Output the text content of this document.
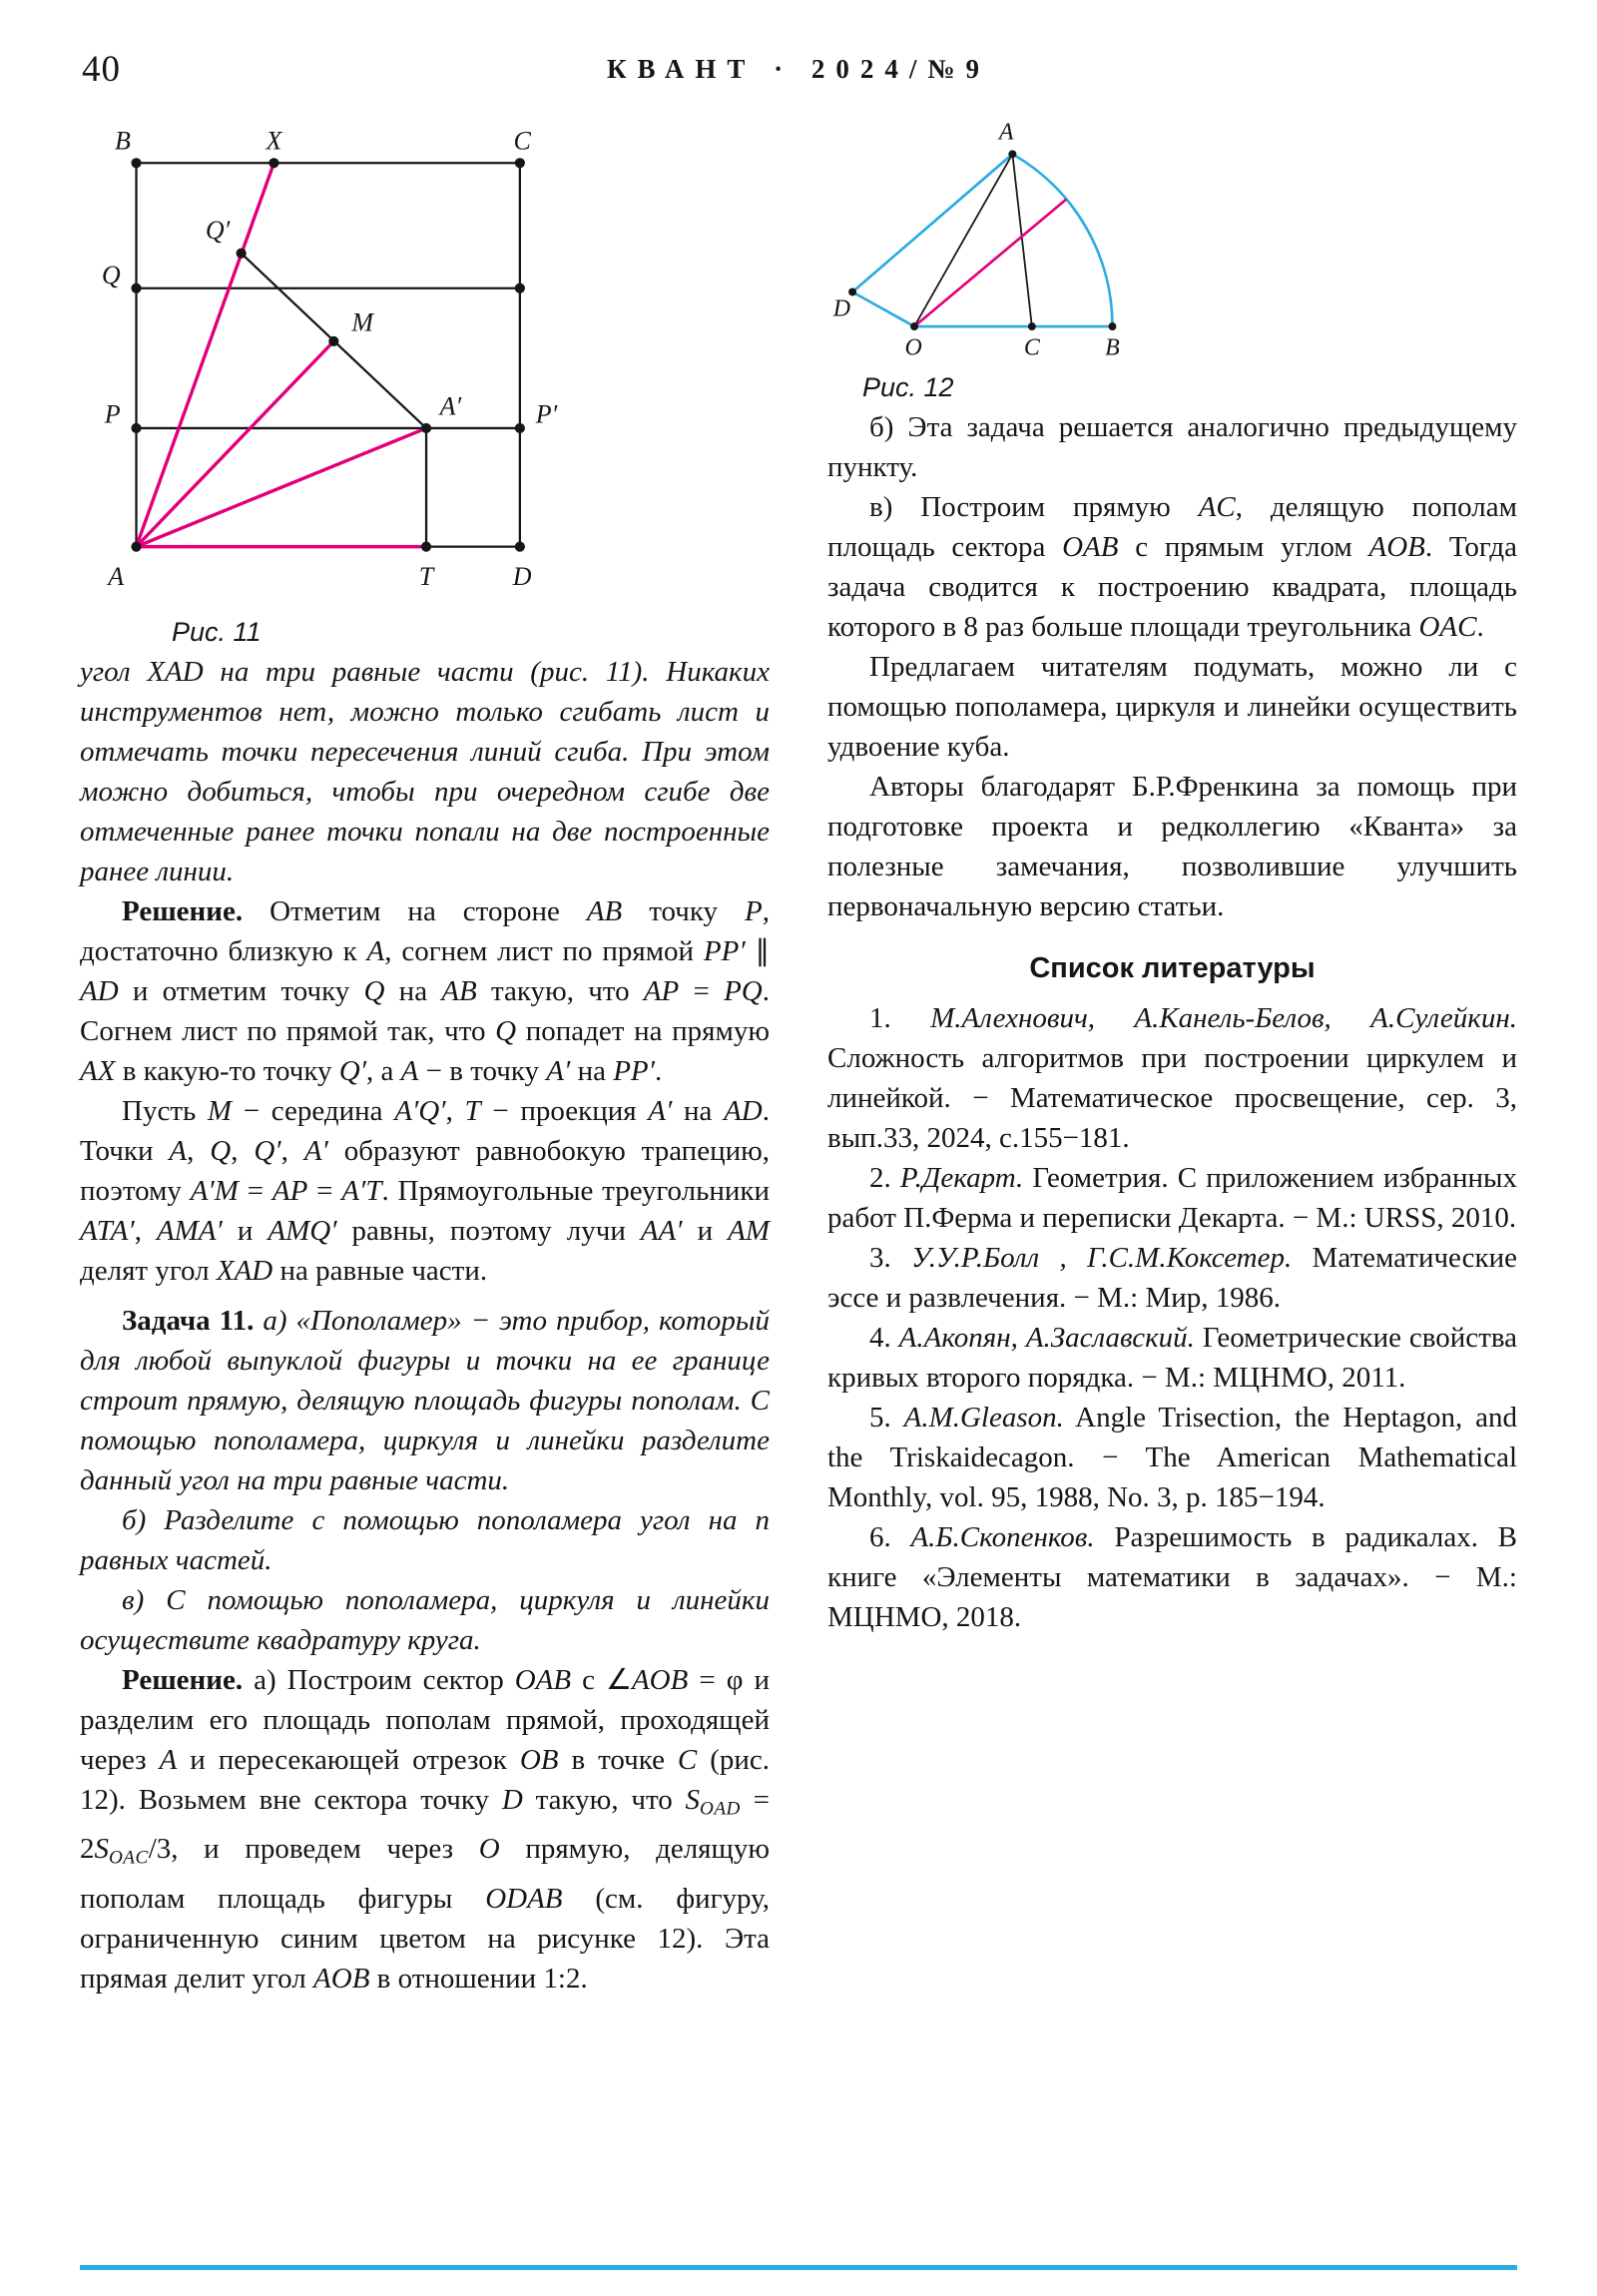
40	КВАНТ · 2024/№9
B	X	C
Q′
Q
M
A′
P	P′
A	T	D
Рис. 11

угол XAD на три равные части (рис. 11). Никаких инструментов нет, можно только сгибать лист и отмечать точки пересечения линий сгиба. При этом можно добиться, чтобы при очередном сгибе две отмеченные ранее точки попали на две построенные ранее линии.

Решение. Отметим на стороне AB точку P, достаточно близкую к A, согнем лист по прямой PP′ ∥ AD и отметим точку Q на AB такую, что AP = PQ. Согнем лист по прямой так, что Q попадет на прямую AX в какую-то точку Q′, а A − в точку A′ на PP′.

Пусть M − середина A′Q′, T − проекция A′ на AD. Точки A, Q, Q′, A′ образуют равнобокую трапецию, поэтому A′M = AP = A′T. Прямоугольные треугольники ATA′, AMA′ и AMQ′ равны, поэтому лучи AA′ и AM делят угол XAD на равные части.

Задача 11. а) «Пополамер» − это прибор, который для любой выпуклой фигуры и точки на ее границе строит прямую, делящую площадь фигуры пополам. С помощью пополамера, циркуля и линейки разделите данный угол на три равные части.

б) Разделите с помощью пополамера угол на n равных частей.

в) С помощью пополамера, циркуля и линейки осуществите квадратуру круга.

Решение. а) Построим сектор OAB с ∠AOB = φ и разделим его площадь пополам прямой, проходящей через A и пересекающей отрезок OB в точке C (рис. 12). Возьмем вне сектора точку D такую, что SOAD = 2SOAC/3, и проведем через O прямую, делящую пополам площадь фигуры ODAB (см. фигуру, ограниченную синим цветом на рисунке 12). Эта прямая делит угол AOB в отношении 1:2.

A
D
O	C B
Рис. 12

б) Эта задача решается аналогично предыдущему пункту.

в) Построим прямую AC, делящую пополам площадь сектора OAB с прямым углом AOB. Тогда задача сводится к построению квадрата, площадь которого в 8 раз больше площади треугольника OAC.

Предлагаем читателям подумать, можно ли с помощью пополамера, циркуля и линейки осуществить удвоение куба.

Авторы благодарят Б.Р.Френкина за помощь при подготовке проекта и редколлегию «Кванта» за полезные замечания, позволившие улучшить первоначальную версию статьи.

Список литературы

1. М.Алехнович, А.Канель-Белов, А.Сулейкин. Сложность алгоритмов при построении циркулем и линейкой. − Математическое просвещение, сер. 3, вып.33, 2024, с.155−181.

2. Р.Декарт. Геометрия. С приложением избранных работ П.Ферма и переписки Декарта. − М.: URSS, 2010.

3. У.У.Р.Болл , Г.С.М.Коксетер. Математические эссе и развлечения. − М.: Мир, 1986.

4. А.Акопян, А.Заславский. Геометрические свойства кривых второго порядка. − М.: МЦНМО, 2011.

5. A.M.Gleason. Angle Trisection, the Heptagon, and the Triskaidecagon. − The American Mathematical Monthly, vol. 95, 1988, No. 3, p. 185−194.

6. А.Б.Скопенков. Разрешимость в радикалах. В книге «Элементы математики в задачах». − М.: МЦНМО, 2018.
